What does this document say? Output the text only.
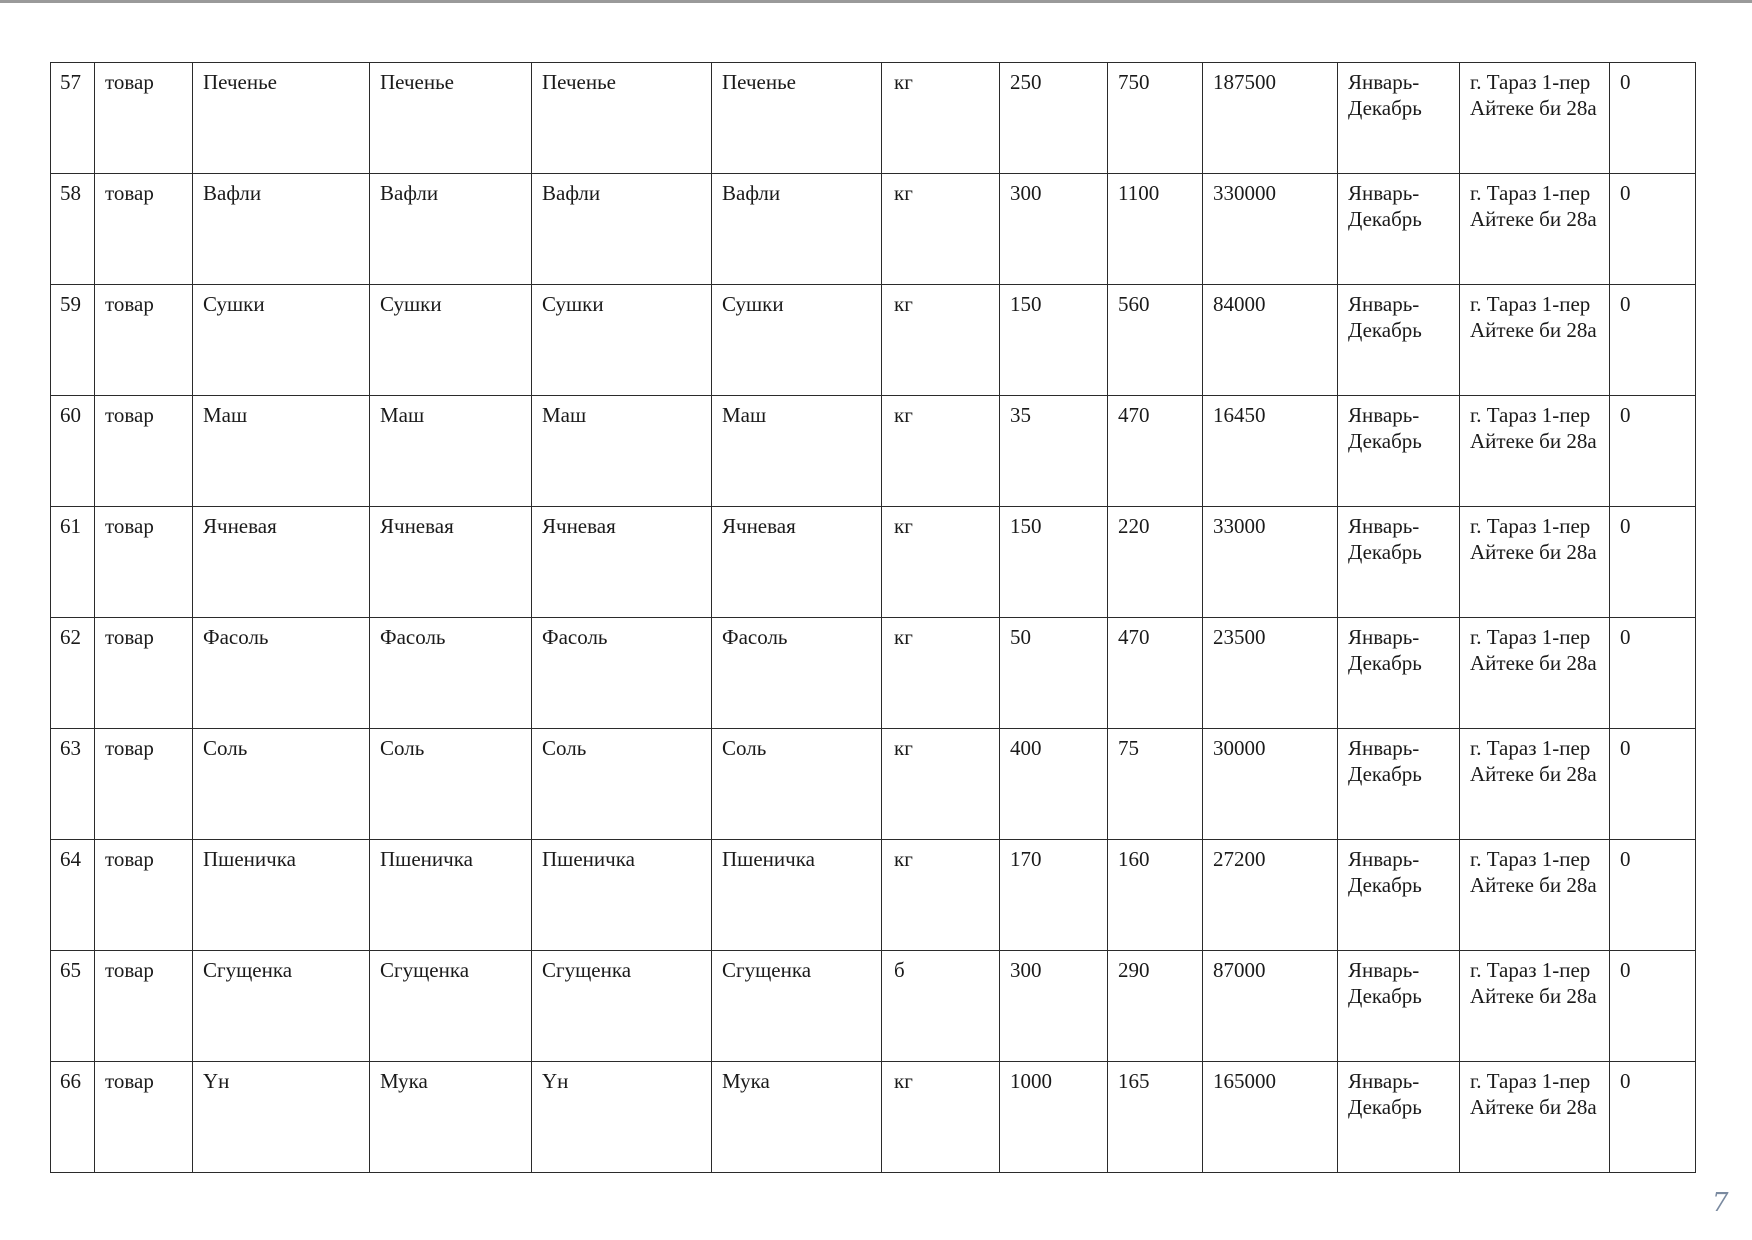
57	товар	Печенье	Печенье	Печенье	Печенье	кг	250	750	187500	Январь-Декабрь	г. Тараз 1-пер Айтеке би 28а	0
58	товар	Вафли	Вафли	Вафли	Вафли	кг	300	1100	330000	Январь-Декабрь	г. Тараз 1-пер Айтеке би 28а	0
59	товар	Сушки	Сушки	Сушки	Сушки	кг	150	560	84000	Январь-Декабрь	г. Тараз 1-пер Айтеке би 28а	0
60	товар	Маш	Маш	Маш	Маш	кг	35	470	16450	Январь-Декабрь	г. Тараз 1-пер Айтеке би 28а	0
61	товар	Ячневая	Ячневая	Ячневая	Ячневая	кг	150	220	33000	Январь-Декабрь	г. Тараз 1-пер Айтеке би 28а	0
62	товар	Фасоль	Фасоль	Фасоль	Фасоль	кг	50	470	23500	Январь-Декабрь	г. Тараз 1-пер Айтеке би 28а	0
63	товар	Соль	Соль	Соль	Соль	кг	400	75	30000	Январь-Декабрь	г. Тараз 1-пер Айтеке би 28а	0
64	товар	Пшеничка	Пшеничка	Пшеничка	Пшеничка	кг	170	160	27200	Январь-Декабрь	г. Тараз 1-пер Айтеке би 28а	0
65	товар	Сгущенка	Сгущенка	Сгущенка	Сгущенка	б	300	290	87000	Январь-Декабрь	г. Тараз 1-пер Айтеке би 28а	0
66	товар	Үн	Мука	Үн	Мука	кг	1000	165	165000	Январь-Декабрь	г. Тараз 1-пер Айтеке би 28а	0
7
